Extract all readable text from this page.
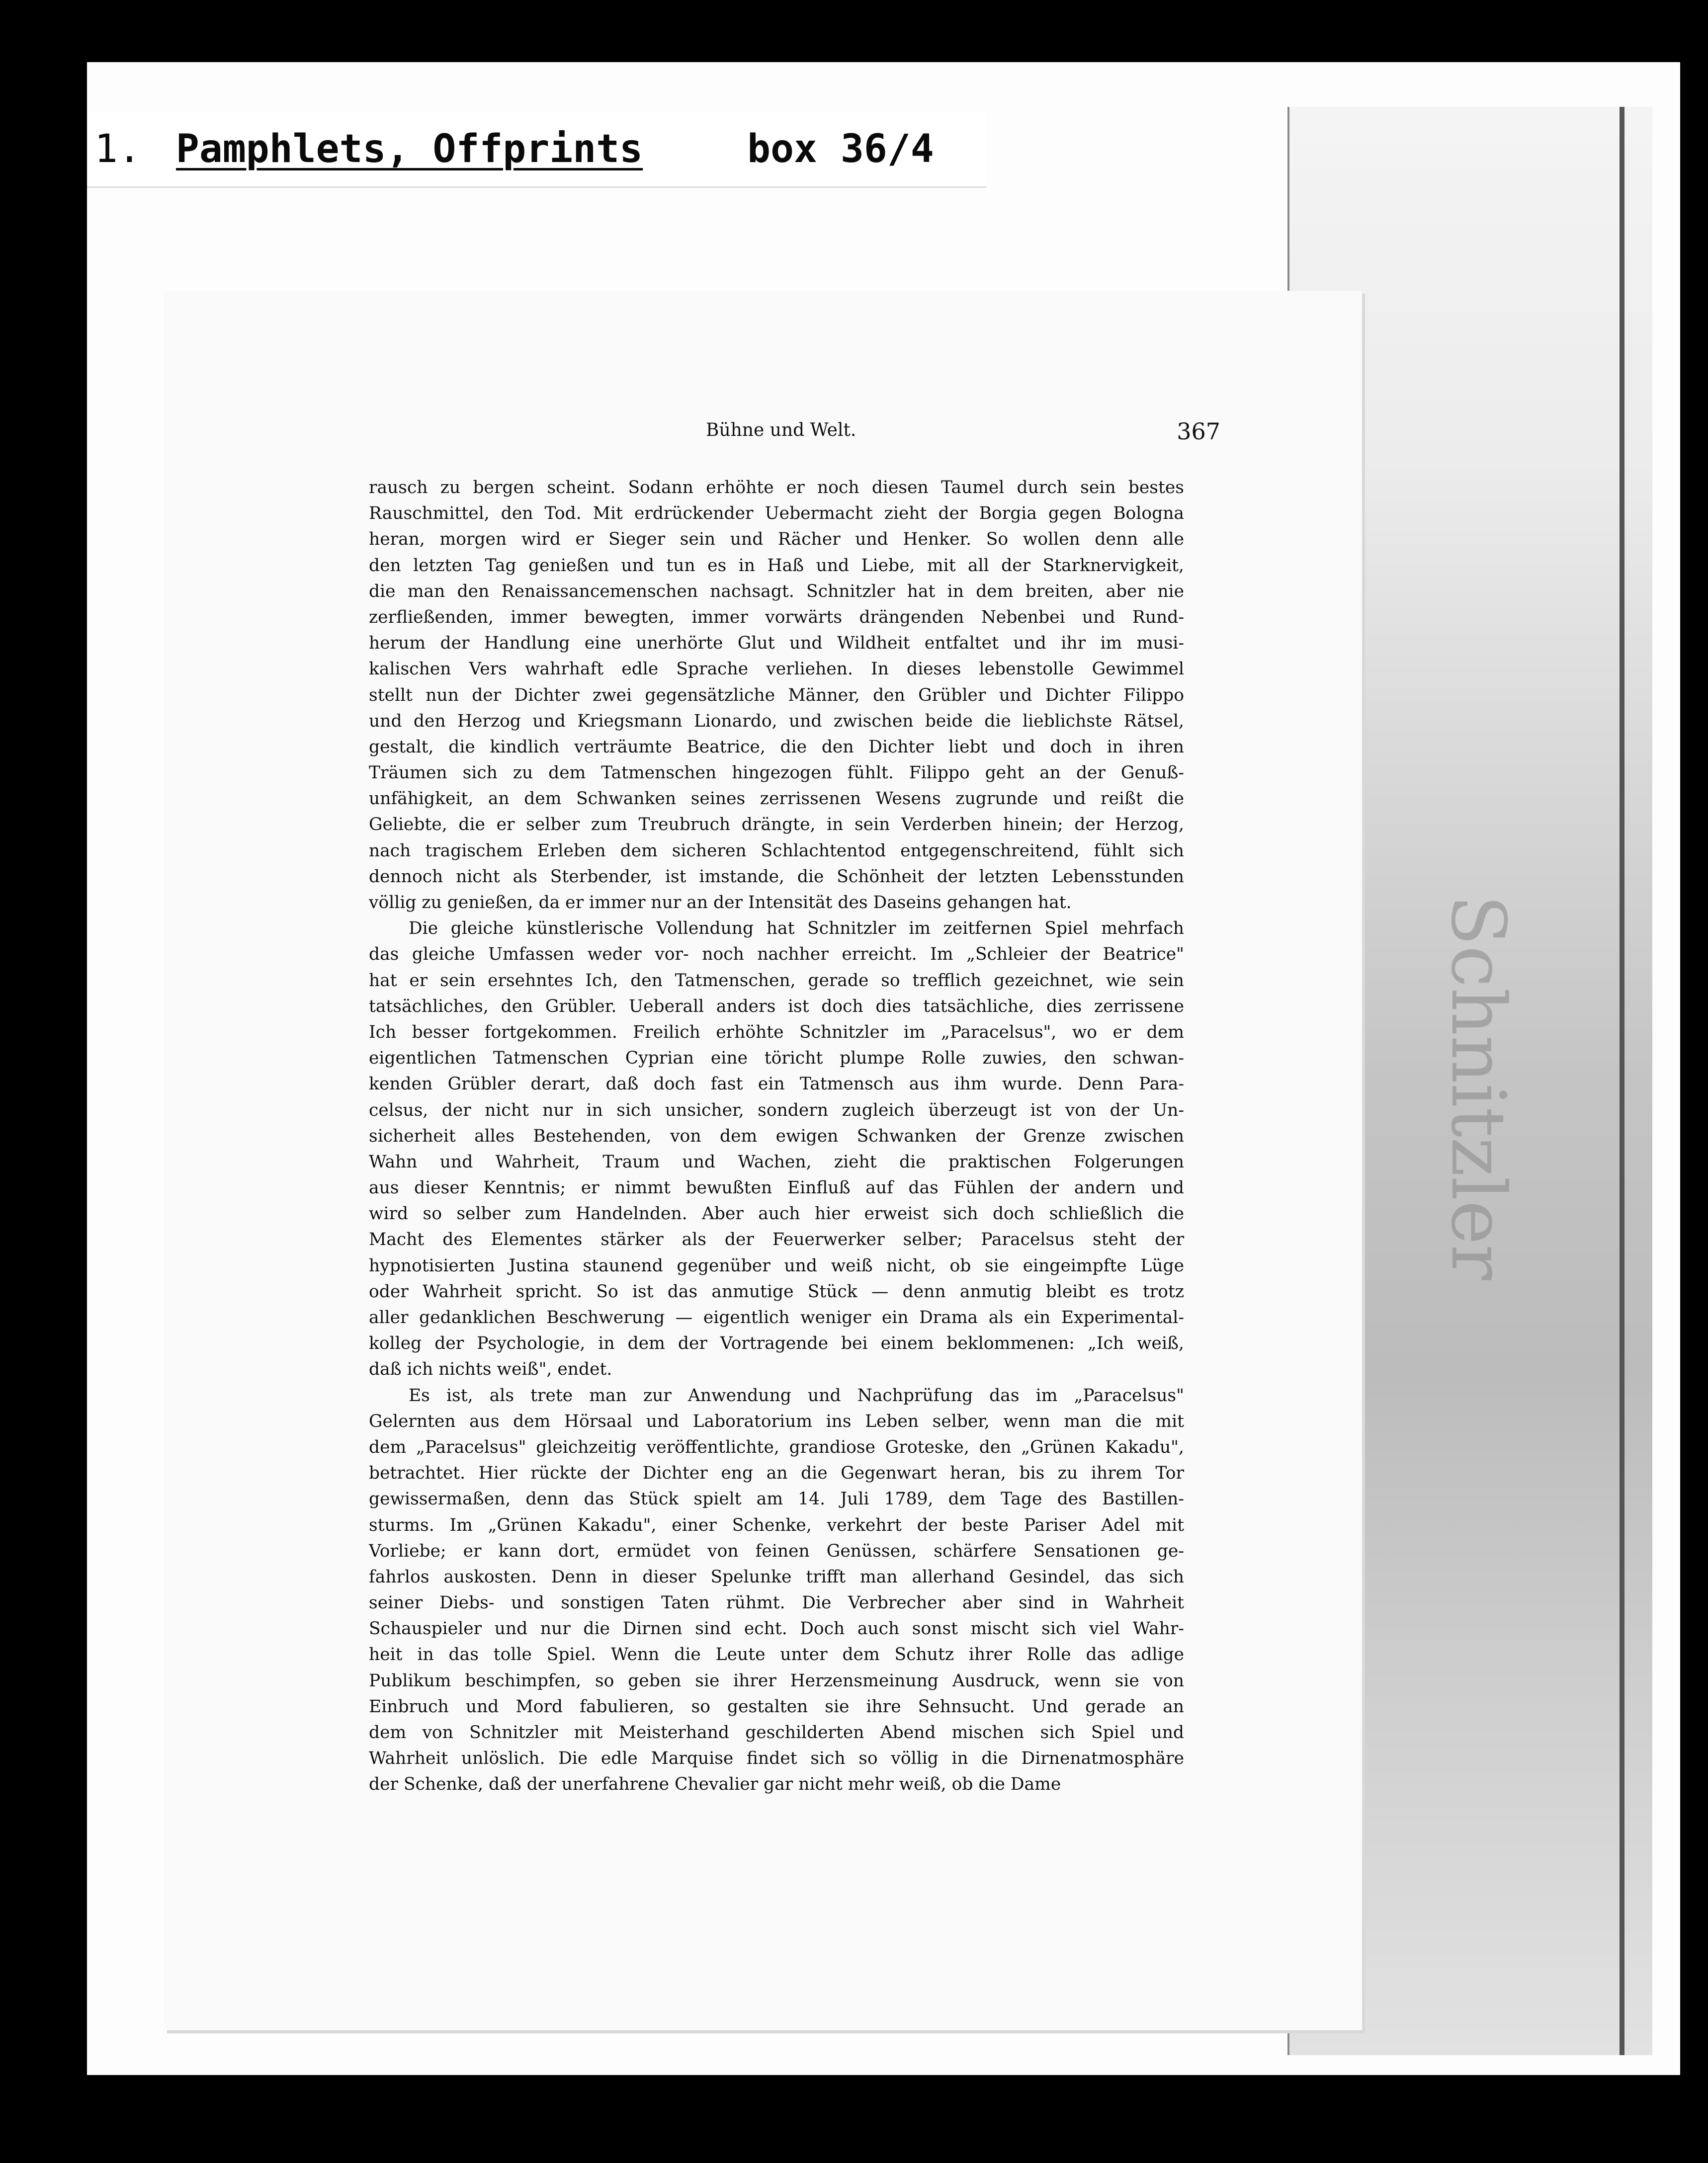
Schnitzler
1. Pamphlets, Offprints	box 36/4
Bühne und Welt.	367
rausch zu bergen scheint. Sodann erhöhte er noch diesen Taumel durch sein bestes
Rauschmittel, den Tod. Mit erdrückender Uebermacht zieht der Borgia gegen Bologna
heran, morgen wird er Sieger sein und Rächer und Henker. So wollen denn alle
den letzten Tag genießen und tun es in Haß und Liebe, mit all der Starknervigkeit,
die man den Renaissancemenschen nachsagt. Schnitzler hat in dem breiten, aber nie
zerfließenden, immer bewegten, immer vorwärts drängenden Nebenbei und Rund-
herum der Handlung eine unerhörte Glut und Wildheit entfaltet und ihr im musi-
kalischen Vers wahrhaft edle Sprache verliehen. In dieses lebenstolle Gewimmel
stellt nun der Dichter zwei gegensätzliche Männer, den Grübler und Dichter Filippo
und den Herzog und Kriegsmann Lionardo, und zwischen beide die lieblichste Rätsel,
gestalt, die kindlich verträumte Beatrice, die den Dichter liebt und doch in ihren
Träumen sich zu dem Tatmenschen hingezogen fühlt. Filippo geht an der Genuß-
unfähigkeit, an dem Schwanken seines zerrissenen Wesens zugrunde und reißt die
Geliebte, die er selber zum Treubruch drängte, in sein Verderben hinein; der Herzog,
nach tragischem Erleben dem sicheren Schlachtentod entgegenschreitend, fühlt sich
dennoch nicht als Sterbender, ist imstande, die Schönheit der letzten Lebensstunden
völlig zu genießen, da er immer nur an der Intensität des Daseins gehangen hat.
Die gleiche künstlerische Vollendung hat Schnitzler im zeitfernen Spiel mehrfach
das gleiche Umfassen weder vor- noch nachher erreicht. Im „Schleier der Beatrice"
hat er sein ersehntes Ich, den Tatmenschen, gerade so trefflich gezeichnet, wie sein
tatsächliches, den Grübler. Ueberall anders ist doch dies tatsächliche, dies zerrissene
Ich besser fortgekommen. Freilich erhöhte Schnitzler im „Paracelsus", wo er dem
eigentlichen Tatmenschen Cyprian eine töricht plumpe Rolle zuwies, den schwan-
kenden Grübler derart, daß doch fast ein Tatmensch aus ihm wurde. Denn Para-
celsus, der nicht nur in sich unsicher, sondern zugleich überzeugt ist von der Un-
sicherheit alles Bestehenden, von dem ewigen Schwanken der Grenze zwischen
Wahn und Wahrheit, Traum und Wachen, zieht die praktischen Folgerungen
aus dieser Kenntnis; er nimmt bewußten Einfluß auf das Fühlen der andern und
wird so selber zum Handelnden. Aber auch hier erweist sich doch schließlich die
Macht des Elementes stärker als der Feuerwerker selber; Paracelsus steht der
hypnotisierten Justina staunend gegenüber und weiß nicht, ob sie eingeimpfte Lüge
oder Wahrheit spricht. So ist das anmutige Stück — denn anmutig bleibt es trotz
aller gedanklichen Beschwerung — eigentlich weniger ein Drama als ein Experimental-
kolleg der Psychologie, in dem der Vortragende bei einem beklommenen: „Ich weiß,
daß ich nichts weiß", endet.
Es ist, als trete man zur Anwendung und Nachprüfung das im „Paracelsus"
Gelernten aus dem Hörsaal und Laboratorium ins Leben selber, wenn man die mit
dem „Paracelsus" gleichzeitig veröffentlichte, grandiose Groteske, den „Grünen Kakadu",
betrachtet. Hier rückte der Dichter eng an die Gegenwart heran, bis zu ihrem Tor
gewissermaßen, denn das Stück spielt am 14. Juli 1789, dem Tage des Bastillen-
sturms. Im „Grünen Kakadu", einer Schenke, verkehrt der beste Pariser Adel mit
Vorliebe; er kann dort, ermüdet von feinen Genüssen, schärfere Sensationen ge-
fahrlos auskosten. Denn in dieser Spelunke trifft man allerhand Gesindel, das sich
seiner Diebs- und sonstigen Taten rühmt. Die Verbrecher aber sind in Wahrheit
Schauspieler und nur die Dirnen sind echt. Doch auch sonst mischt sich viel Wahr-
heit in das tolle Spiel. Wenn die Leute unter dem Schutz ihrer Rolle das adlige
Publikum beschimpfen, so geben sie ihrer Herzensmeinung Ausdruck, wenn sie von
Einbruch und Mord fabulieren, so gestalten sie ihre Sehnsucht. Und gerade an
dem von Schnitzler mit Meisterhand geschilderten Abend mischen sich Spiel und
Wahrheit unlöslich. Die edle Marquise findet sich so völlig in die Dirnenatmosphäre
der Schenke, daß der unerfahrene Chevalier gar nicht mehr weiß, ob die Dame
